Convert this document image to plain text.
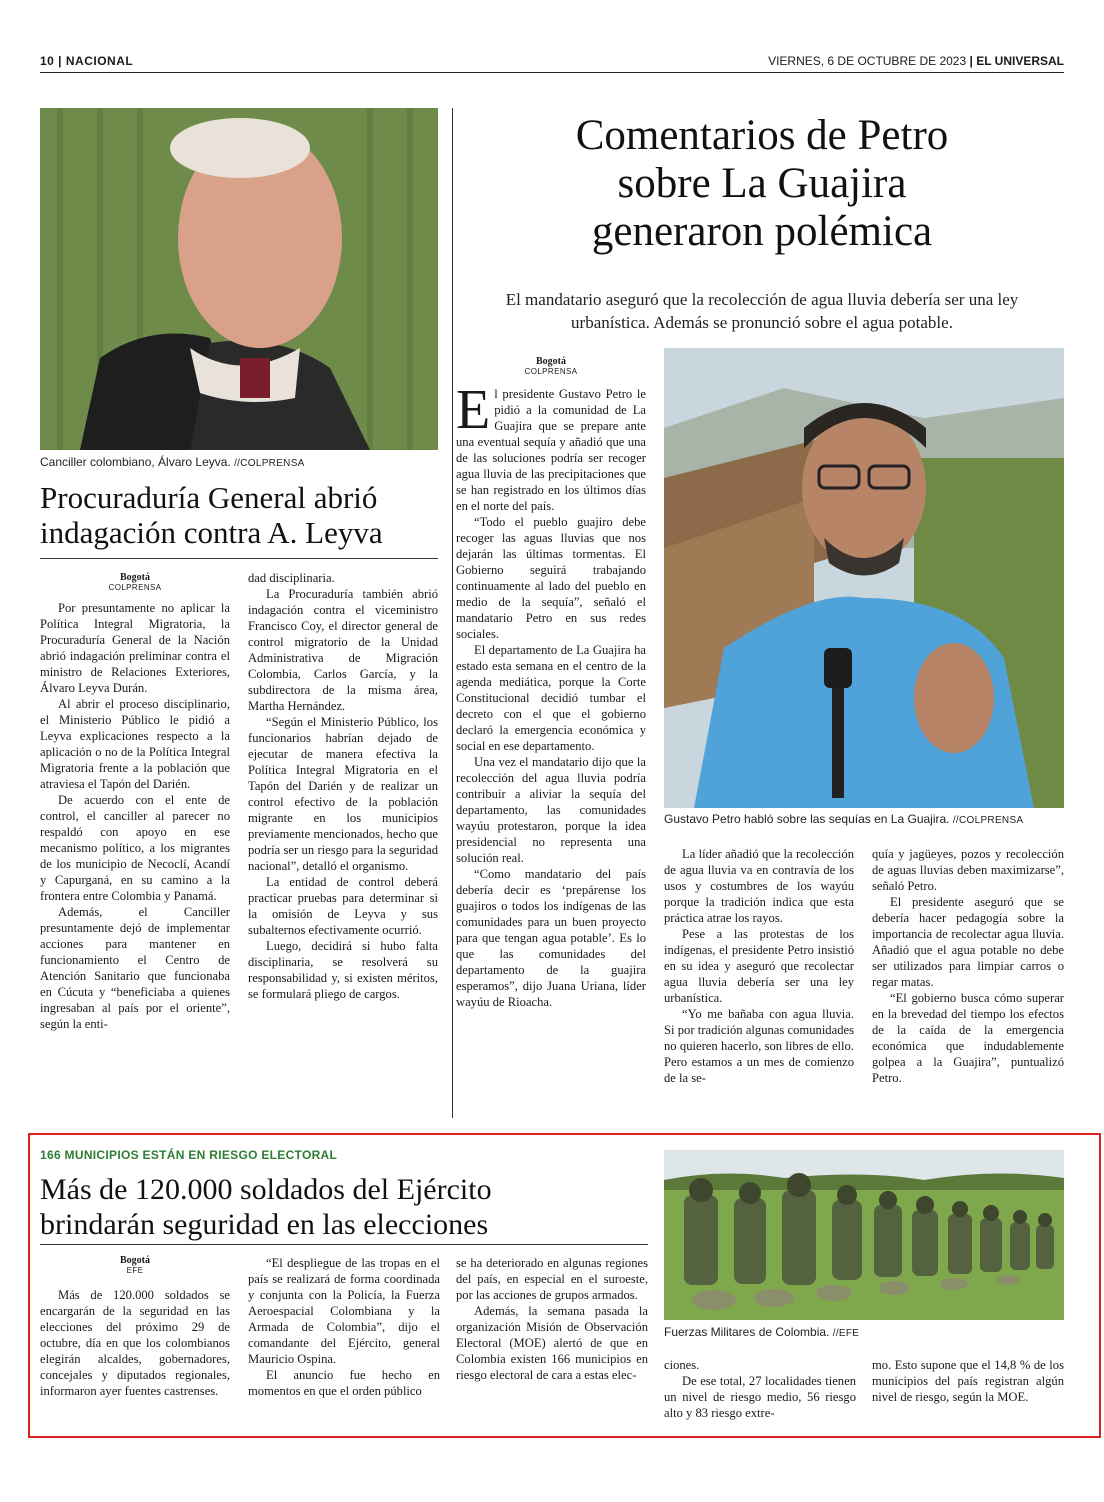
10 | NACIONAL	VIERNES, 6 DE OCTUBRE DE 2023 | EL UNIVERSAL
Canciller colombiano, Álvaro Leyva. //COLPRENSA
Procuraduría General abrió
indagación contra A. Leyva
Bogotá
COLPRENSA

Por presuntamente no aplicar la Política Integral Migratoria, la Procuraduría General de la Nación abrió indagación preliminar contra el ministro de Relaciones Exteriores, Álvaro Leyva Durán.

Al abrir el proceso disciplinario, el Ministerio Público le pidió a Leyva explicaciones respecto a la aplicación o no de la Política Integral Migratoria frente a la población que atraviesa el Tapón del Darién.

De acuerdo con el ente de control, el canciller al parecer no respaldó con apoyo en ese mecanismo político, a los migrantes de los municipio de Necoclí, Acandí y Capurganá, en su camino a la frontera entre Colombia y Panamá.

Además, el Canciller presuntamente dejó de implementar acciones para mantener en funcionamiento el Centro de Atención Sanitario que funcionaba en Cúcuta y “beneficiaba a quienes ingresaban al país por el oriente”, según la enti-

dad disciplinaria.

La Procuraduría también abrió indagación contra el viceministro Francisco Coy, el director general de control migratorio de la Unidad Administrativa de Migración Colombia, Carlos García, y la subdirectora de la misma área, Martha Hernández.

“Según el Ministerio Público, los funcionarios habrían dejado de ejecutar de manera efectiva la Política Integral Migratoria en el Tapón del Darién y de realizar un control efectivo de la población migrante en los municipios previamente mencionados, hecho que podría ser un riesgo para la seguridad nacional”, detalló el organismo.

La entidad de control deberá practicar pruebas para determinar si la omisión de Leyva y sus subalternos efectivamente ocurrió.

Luego, decidirá si hubo falta disciplinaria, se resolverá su responsabilidad y, si existen méritos, se formulará pliego de cargos.

Comentarios de Petro
sobre La Guajira
generaron polémica
El mandatario aseguró que la recolección de agua lluvia debería ser una ley
urbanística. Además se pronunció sobre el agua potable.
Bogotá
COLPRENSA
E l presidente Gustavo Petro le pidió a la comunidad de La Guajira que se prepare ante una eventual sequía y añadió que una de las soluciones podría ser recoger agua lluvia de las precipitaciones que se han registrado en los últimos días en el norte del país.

“Todo el pueblo guajiro debe recoger las aguas lluvias que nos dejarán las últimas tormentas. El Gobierno seguirá trabajando continuamente al lado del pueblo en medio de la sequía”, señaló el mandatario Petro en sus redes sociales.

El departamento de La Guajira ha estado esta semana en el centro de la agenda mediática, porque la Corte Constitucional decidió tumbar el decreto con el que el gobierno declaró la emergencia económica y social en ese departamento.

Una vez el mandatario dijo que la recolección del agua lluvia podría contribuir a aliviar la sequía del departamento, las comunidades wayúu protestaron, porque la idea presidencial no representa una solución real.

“Como mandatario del país debería decir es ‘prepárense los guajiros o todos los indígenas de las comunidades para un buen proyecto para que tengan agua potable’. Es lo que las comunidades del departamento de la guajira esperamos”, dijo Juana Uriana, líder wayúu de Rioacha.

Gustavo Petro habló sobre las sequías en La Guajira. //COLPRENSA

La líder añadió que la recolección de agua lluvia va en contravía de los usos y costumbres de los wayúu porque la tradición indica que esta práctica atrae los rayos.

Pese a las protestas de los indígenas, el presidente Petro insistió en su idea y aseguró que recolectar agua lluvia debería ser una ley urbanística.

“Yo me bañaba con agua lluvia. Si por tradición algunas comunidades no quieren hacerlo, son libres de ello. Pero estamos a un mes de comienzo de la se-

quía y jagüeyes, pozos y recolección de aguas lluvias deben maximizarse”, señaló Petro.

El presidente aseguró que se debería hacer pedagogía sobre la importancia de recolectar agua lluvia. Añadió que el agua potable no debe ser utilizados para limpiar carros o regar matas.

“El gobierno busca cómo superar en la brevedad del tiempo los efectos de la caída de la emergencia económica que indudablemente golpea a la Guajira”, puntualizó Petro.

166 MUNICIPIOS ESTÁN EN RIESGO ELECTORAL
Más de 120.000 soldados del Ejército
brindarán seguridad en las elecciones
Bogotá
EFE

Más de 120.000 soldados se encargarán de la seguridad en las elecciones del próximo 29 de octubre, día en que los colombianos elegirán alcaldes, gobernadores, concejales y diputados regionales, informaron ayer fuentes castrenses.

“El despliegue de las tropas en el país se realizará de forma coordinada y conjunta con la Policía, la Fuerza Aeroespacial Colombiana y la Armada de Colombia”, dijo el comandante del Ejército, general Mauricio Ospina.

El anuncio fue hecho en momentos en que el orden público

se ha deteriorado en algunas regiones del país, en especial en el suroeste, por las acciones de grupos armados.

Además, la semana pasada la organización Misión de Observación Electoral (MOE) alertó de que en Colombia existen 166 municipios en riesgo electoral de cara a estas elec-

Fuerzas Militares de Colombia. //EFE

ciones.

De ese total, 27 localidades tienen un nivel de riesgo medio, 56 riesgo alto y 83 riesgo extre-

mo. Esto supone que el 14,8 % de los municipios del país registran algún nivel de riesgo, según la MOE.
